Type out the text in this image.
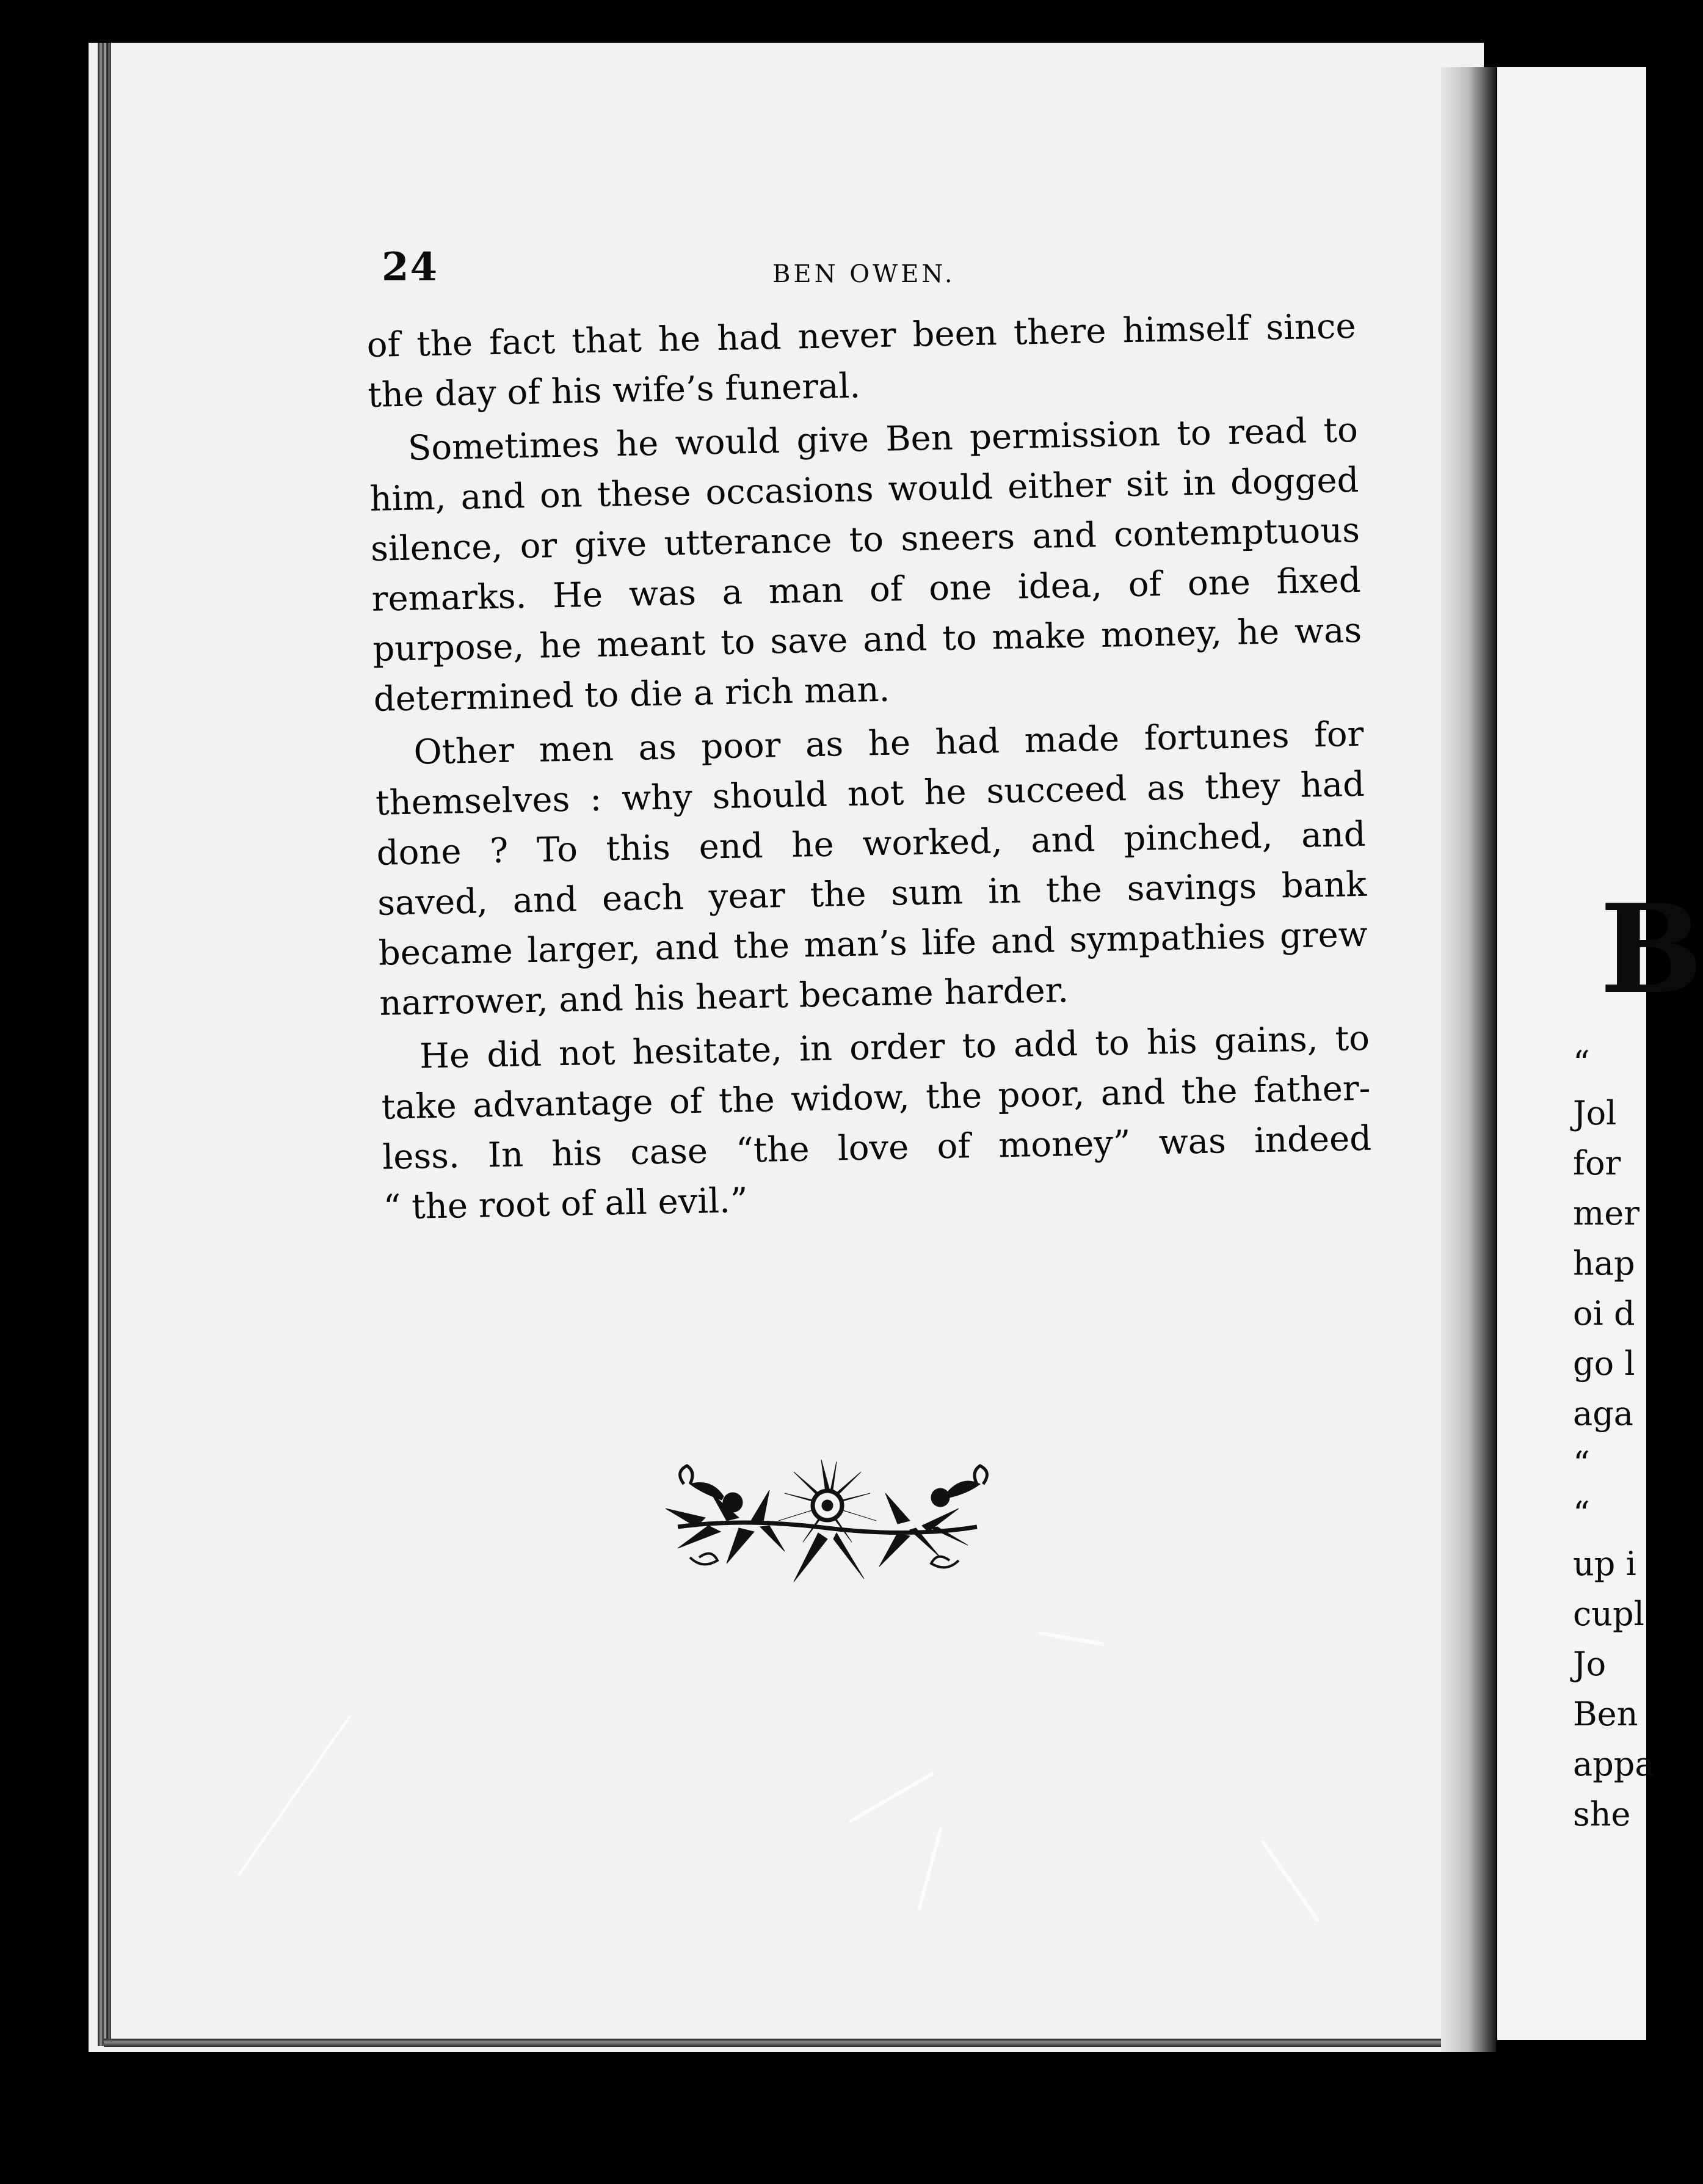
24	BEN OWEN.
of the fact that he had never been there himself since
the day of his wife’s funeral.
Sometimes he would give Ben permission to read to
him, and on these occasions would either sit in dogged
silence, or give utterance to sneers and contemptuous
remarks. He was a man of one idea, of one fixed
purpose, he meant to save and to make money, he was
determined to die a rich man.
Other men as poor as he had made fortunes for
themselves : why should not he succeed as they had
done ? To this end he worked, and pinched, and
saved, and each year the sum in the savings bank
became larger, and the man’s life and sympathies grew
narrower, and his heart became harder.
He did not hesitate, in order to add to his gains, to
take advantage of the widow, the poor, and the father-
less. In his case “the love of money” was indeed
“ the root of all evil.”
B
“
Jol
for
mer
hap
oi d
go l
aga
“
“
up i
cupl
Jo
Ben
appa
she
